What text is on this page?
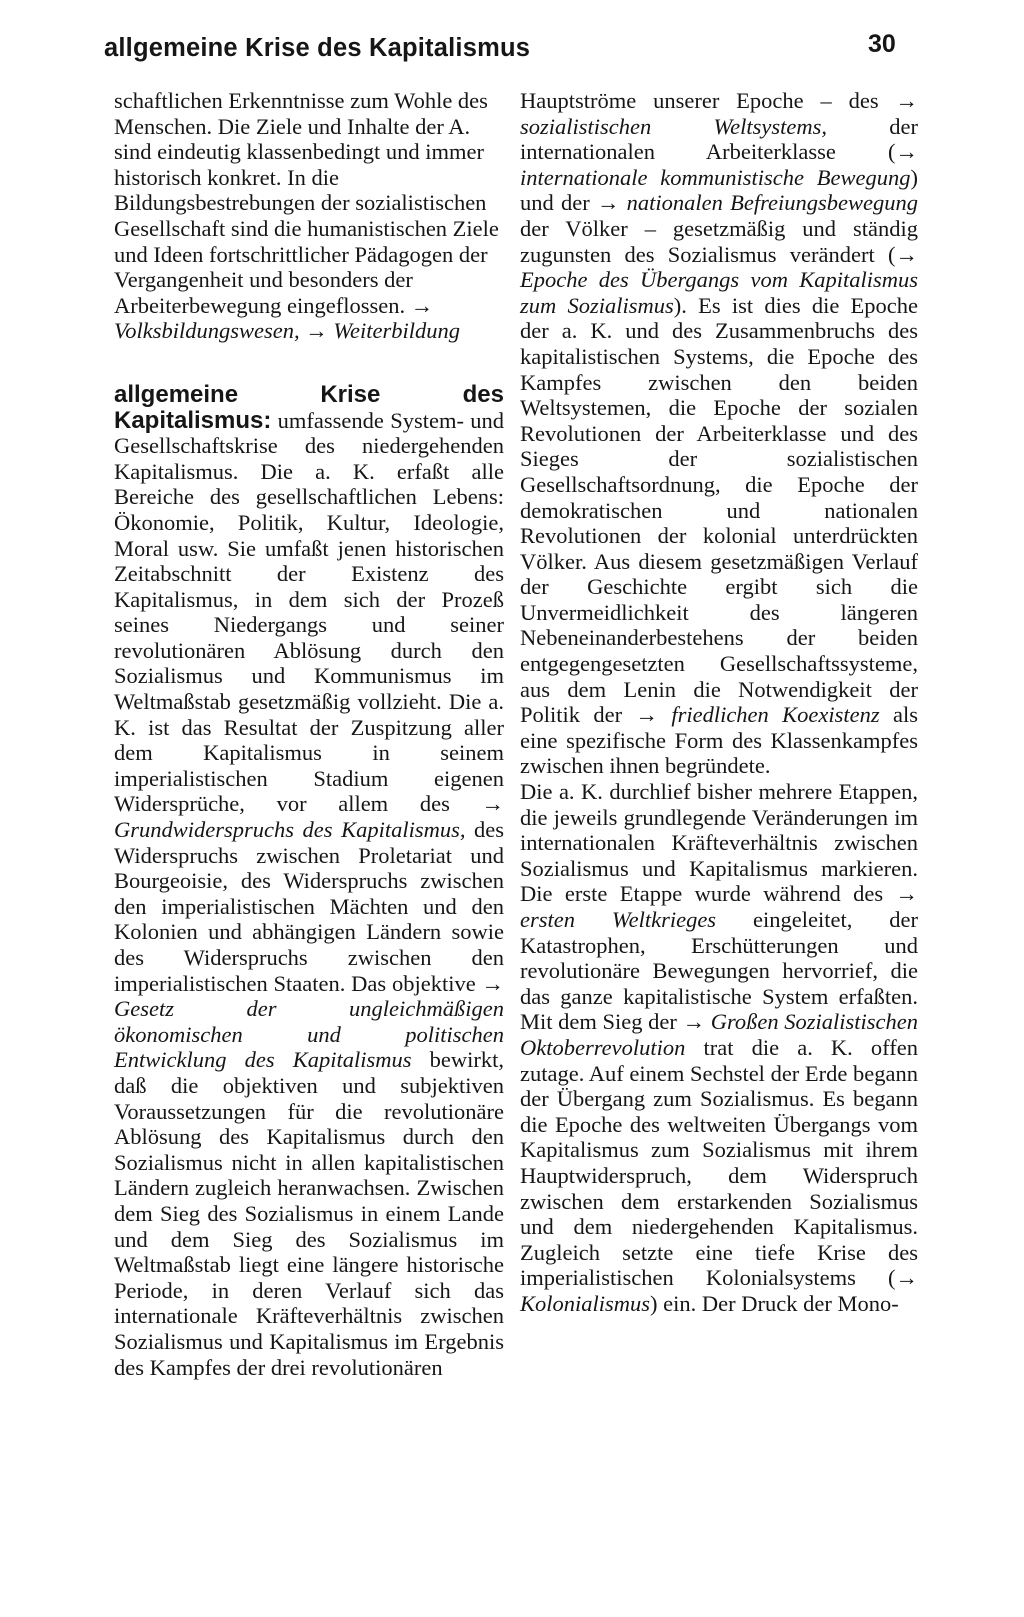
allgemeine Krise des Kapitalismus	30

schaftlichen Erkenntnisse zum Wohle des Menschen. Die Ziele und Inhalte der A. sind eindeutig klassenbedingt und immer historisch konkret. In die Bildungsbestrebungen der sozialistischen Gesellschaft sind die humanistischen Ziele und Ideen fortschrittlicher Pädagogen der Vergangenheit und besonders der Arbeiterbewegung eingeflossen. → Volksbildungswesen, → Weiterbildung

allgemeine Krise des Kapitalismus: umfassende System- und Gesellschaftskrise des niedergehenden Kapitalismus. Die a. K. erfaßt alle Bereiche des gesellschaftlichen Lebens: Ökonomie, Politik, Kultur, Ideologie, Moral usw. Sie umfaßt jenen historischen Zeitabschnitt der Existenz des Kapitalismus, in dem sich der Prozeß seines Niedergangs und seiner revolutionären Ablösung durch den Sozialismus und Kommunismus im Weltmaßstab gesetzmäßig vollzieht. Die a. K. ist das Resultat der Zuspitzung aller dem Kapitalismus in seinem imperialistischen Stadium eigenen Widersprüche, vor allem des → Grundwiderspruchs des Kapitalismus, des Widerspruchs zwischen Proletariat und Bourgeoisie, des Widerspruchs zwischen den imperialistischen Mächten und den Kolonien und abhängigen Ländern sowie des Widerspruchs zwischen den imperialistischen Staaten. Das objektive → Gesetz der ungleichmäßigen ökonomischen und politischen Entwicklung des Kapitalismus bewirkt, daß die objektiven und subjektiven Voraussetzungen für die revolutionäre Ablösung des Kapitalismus durch den Sozialismus nicht in allen kapitalistischen Ländern zugleich heranwachsen. Zwischen dem Sieg des Sozialismus in einem Lande und dem Sieg des Sozialismus im Weltmaßstab liegt eine längere historische Periode, in deren Verlauf sich das internationale Kräfteverhältnis zwischen Sozialismus und Kapitalismus im Ergebnis des Kampfes der drei revolutionären

Hauptströme unserer Epoche – des → sozialistischen Weltsystems, der internationalen Arbeiterklasse (→ internationale kommunistische Bewegung) und der → nationalen Befreiungsbewegung der Völker – gesetzmäßig und ständig zugunsten des Sozialismus verändert (→ Epoche des Übergangs vom Kapitalismus zum Sozialismus). Es ist dies die Epoche der a. K. und des Zusammenbruchs des kapitalistischen Systems, die Epoche des Kampfes zwischen den beiden Weltsystemen, die Epoche der sozialen Revolutionen der Arbeiterklasse und des Sieges der sozialistischen Gesellschaftsordnung, die Epoche der demokratischen und nationalen Revolutionen der kolonial unterdrückten Völker. Aus diesem gesetzmäßigen Verlauf der Geschichte ergibt sich die Unvermeidlichkeit des längeren Nebeneinanderbestehens der beiden entgegengesetzten Gesellschaftssysteme, aus dem Lenin die Notwendigkeit der Politik der → friedlichen Koexistenz als eine spezifische Form des Klassenkampfes zwischen ihnen begründete.

Die a. K. durchlief bisher mehrere Etappen, die jeweils grundlegende Veränderungen im internationalen Kräfteverhältnis zwischen Sozialismus und Kapitalismus markieren. Die erste Etappe wurde während des → ersten Weltkrieges eingeleitet, der Katastrophen, Erschütterungen und revolutionäre Bewegungen hervorrief, die das ganze kapitalistische System erfaßten. Mit dem Sieg der → Großen Sozialistischen Oktoberrevolution trat die a. K. offen zutage. Auf einem Sechstel der Erde begann der Übergang zum Sozialismus. Es begann die Epoche des weltweiten Übergangs vom Kapitalismus zum Sozialismus mit ihrem Hauptwiderspruch, dem Widerspruch zwischen dem erstarkenden Sozialismus und dem niedergehenden Kapitalismus. Zugleich setzte eine tiefe Krise des imperialistischen Kolonialsystems (→ Kolonialismus) ein. Der Druck der Mono-
